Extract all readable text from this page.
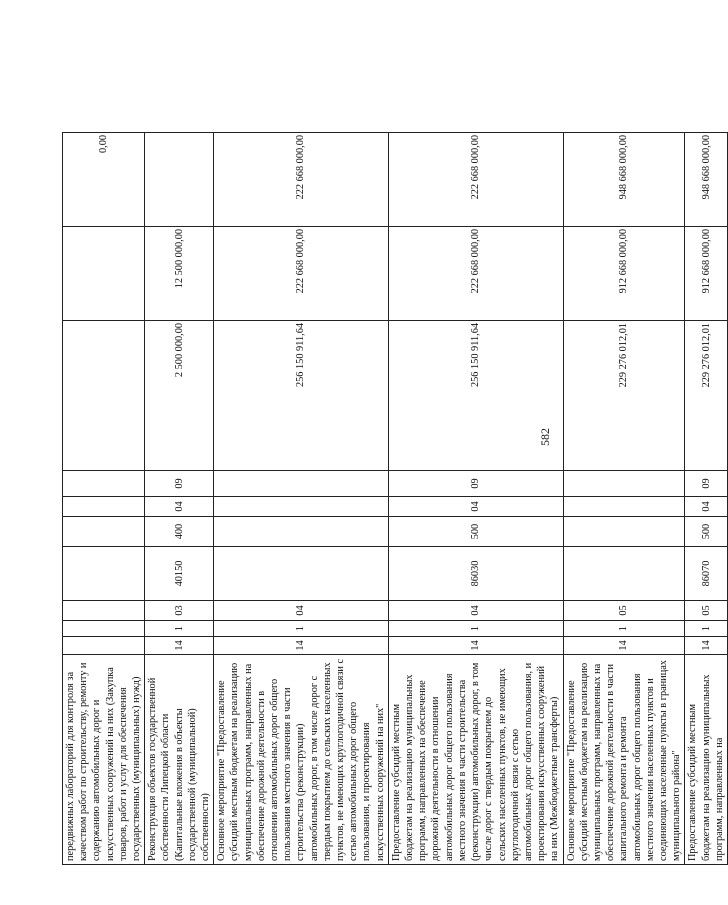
582
передвижных лабораторий для контроля за качеством работ по строительству, ремонту и содержанию автомобильных дорог и искусственных сооружений на них (Закупка товаров, работ и услуг для обеспечения государственных (муниципальных) нужд)										0,00
Реконструкция объектов государственной собственности Липецкой области (Капитальные вложения в объекты государственной (муниципальной) собственности)	14	1	03	40150	400	04	09	2 500 000,00	12 500 000,00	
Основное мероприятие "Предоставление субсидий местным бюджетам на реализацию муниципальных программ, направленных на обеспечение дорожной деятельности в отношении автомобильных дорог общего пользования местного значения в части строительства (реконструкции) автомобильных дорог, в том числе дорог с твердым покрытием до сельских населенных пунктов, не имеющих круглогодичной связи с сетью автомобильных дорог общего пользования, и проектирования искусственных сооружений на них"	14	1	04					256 150 911,64	222 668 000,00	222 668 000,00
Предоставление субсидий местным бюджетам на реализацию муниципальных программ, направленных на обеспечение дорожной деятельности в отношении автомобильных дорог общего пользования местного значения в части строительства (реконструкции) автомобильных дорог, в том числе дорог с твердым покрытием до сельских населенных пунктов, не имеющих круглогодичной связи с сетью автомобильных дорог общего пользования, и проектирования искусственных сооружений на них (Межбюджетные трансферты)	14	1	04	86030	500	04	09	256 150 911,64	222 668 000,00	222 668 000,00
Основное мероприятие "Предоставление субсидий местным бюджетам на реализацию муниципальных программ, направленных на обеспечение дорожной деятельности в части капитального ремонта и ремонта автомобильных дорог общего пользования местного значения населенных пунктов и соединяющих населенные пункты в границах муниципального района"	14	1	05					229 276 012,01	912 668 000,00	948 668 000,00
Предоставление субсидий местным бюджетам на реализацию муниципальных программ, направленных на	14	1	05	86070	500	04	09	229 276 012,01	912 668 000,00	948 668 000,00
